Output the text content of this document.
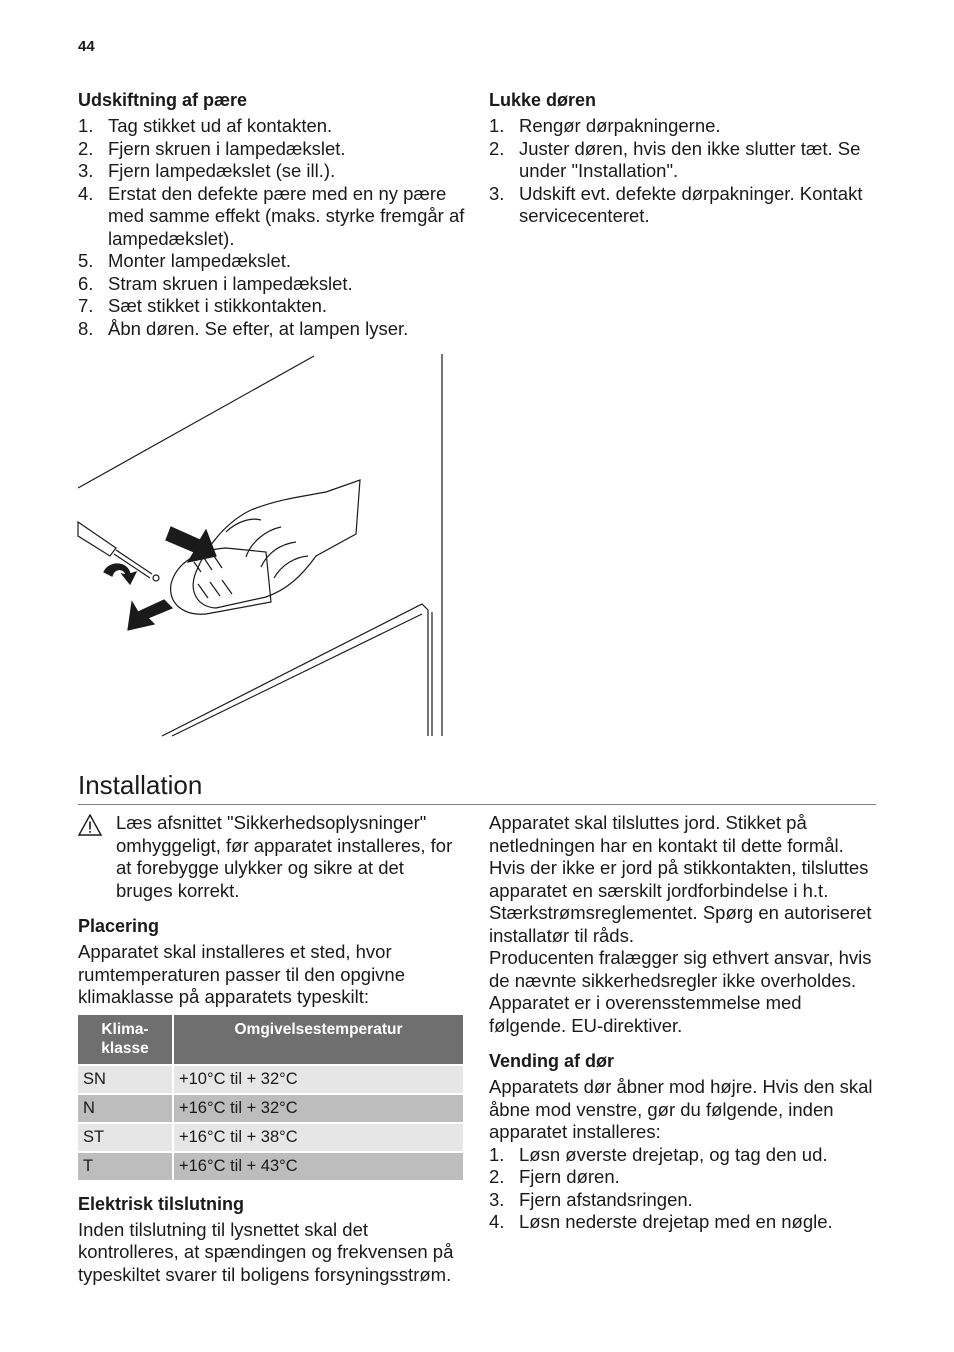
44
Udskiftning af pære
1. Tag stikket ud af kontakten.
2. Fjern skruen i lampedækslet.
3. Fjern lampedækslet (se ill.).
4. Erstat den defekte pære med en ny pære med samme effekt (maks. styrke fremgår af lampedækslet).
5. Monter lampedækslet.
6. Stram skruen i lampedækslet.
7. Sæt stikket i stikkontakten.
8. Åbn døren. Se efter, at lampen lyser.
Lukke døren
1. Rengør dørpakningerne.
2. Juster døren, hvis den ikke slutter tæt. Se under "Installation".
3. Udskift evt. defekte dørpakninger. Kontakt servicecenteret.
Installation
Læs afsnittet "Sikkerhedsoplysninger" omhyggeligt, før apparatet installeres, for at forebygge ulykker og sikre at det bruges korrekt.
Placering
Apparatet skal installeres et sted, hvor rumtemperaturen passer til den opgivne klimaklasse på apparatets typeskilt:
Klima-klasse	Omgivelsestemperatur
SN	+10°C til + 32°C
N	+16°C til + 32°C
ST	+16°C til + 38°C
T	+16°C til + 43°C
Elektrisk tilslutning
Inden tilslutning til lysnettet skal det kontrolleres, at spændingen og frekvensen på typeskiltet svarer til boligens forsyningsstrøm.
Apparatet skal tilsluttes jord. Stikket på netledningen har en kontakt til dette formål. Hvis der ikke er jord på stikkontakten, tilsluttes apparatet en særskilt jordforbindelse i h.t. Stærkstrømsreglementet. Spørg en autoriseret installatør til råds.
Producenten fralægger sig ethvert ansvar, hvis de nævnte sikkerhedsregler ikke overholdes.
Apparatet er i overensstemmelse med følgende. EU-direktiver.
Vending af dør
Apparatets dør åbner mod højre. Hvis den skal åbne mod venstre, gør du følgende, inden apparatet installeres:
1. Løsn øverste drejetap, og tag den ud.
2. Fjern døren.
3. Fjern afstandsringen.
4. Løsn nederste drejetap med en nøgle.
